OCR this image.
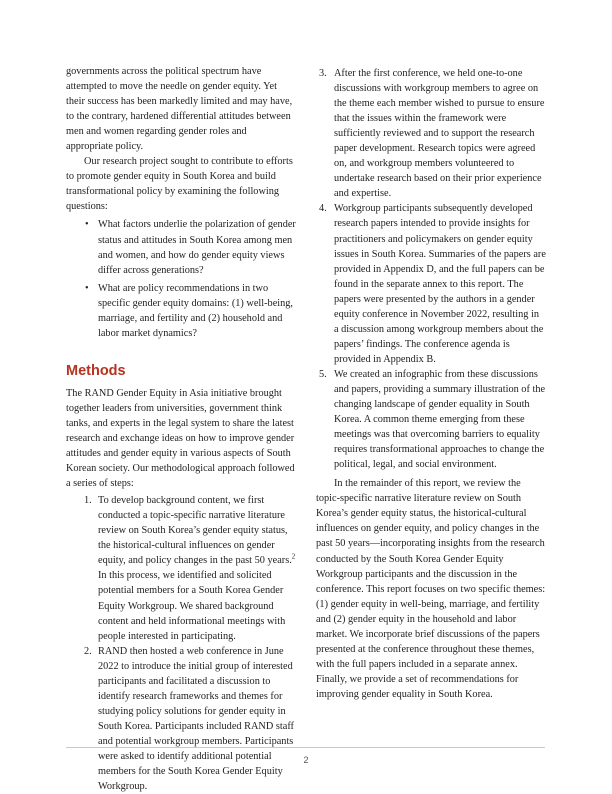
governments across the political spectrum have attempted to move the needle on gender equity. Yet their success has been markedly limited and may have, to the contrary, hardened differential attitudes between men and women regarding gender roles and appropriate policy.

Our research project sought to contribute to efforts to promote gender equity in South Korea and build transformational policy by examining the following questions:

• What factors underlie the polarization of gender status and attitudes in South Korea among men and women, and how do gender equity views differ across generations?
• What are policy recommendations in two specific gender equity domains: (1) well-being, marriage, and fertility and (2) household and labor market dynamics?
Methods

The RAND Gender Equity in Asia initiative brought together leaders from universities, government think tanks, and experts in the legal system to share the latest research and exchange ideas on how to improve gender attitudes and gender equity in various aspects of South Korean society. Our methodological approach followed a series of steps:

1. To develop background content, we first conducted a topic-specific narrative literature review on South Korea’s gender equity status, the historical-cultural influences on gender equity, and policy changes in the past 50 years.$^2$ In this process, we identified and solicited potential members for a South Korea Gender Equity Workgroup. We shared background content and held informational meetings with people interested in participating.
2. RAND then hosted a web conference in June 2022 to introduce the initial group of interested participants and facilitated a discussion to identify research frameworks and themes for studying policy solutions for gender equity in South Korea. Participants included RAND staff and potential workgroup members. Participants were asked to identify additional potential members for the South Korea Gender Equity Workgroup.
3. After the first conference, we held one-to-one discussions with workgroup members to agree on the theme each member wished to pursue to ensure that the issues within the framework were sufficiently reviewed and to support the research paper development. Research topics were agreed on, and workgroup members volunteered to undertake research based on their prior experience and expertise.
4. Workgroup participants subsequently developed research papers intended to provide insights for practitioners and policymakers on gender equity issues in South Korea. Summaries of the papers are provided in Appendix D, and the full papers can be found in the separate annex to this report. The papers were presented by the authors in a gender equity conference in November 2022, resulting in a discussion among workgroup members about the papers’ findings. The conference agenda is provided in Appendix B.
5. We created an infographic from these discussions and papers, providing a summary illustration of the changing landscape of gender equality in South Korea. A common theme emerging from these meetings was that overcoming barriers to equality requires transformational approaches to change the political, legal, and social environment.

In the remainder of this report, we review the topic-specific narrative literature review on South Korea’s gender equity status, the historical-cultural influences on gender equity, and policy changes in the past 50 years—incorporating insights from the research conducted by the South Korea Gender Equity Workgroup participants and the discussion in the conference. This report focuses on two specific themes: (1) gender equity in well-being, marriage, and fertility and (2) gender equity in the household and labor market. We incorporate brief discussions of the papers presented at the conference throughout these themes, with the full papers included in a separate annex. Finally, we provide a set of recommendations for improving gender equality in South Korea.

2
